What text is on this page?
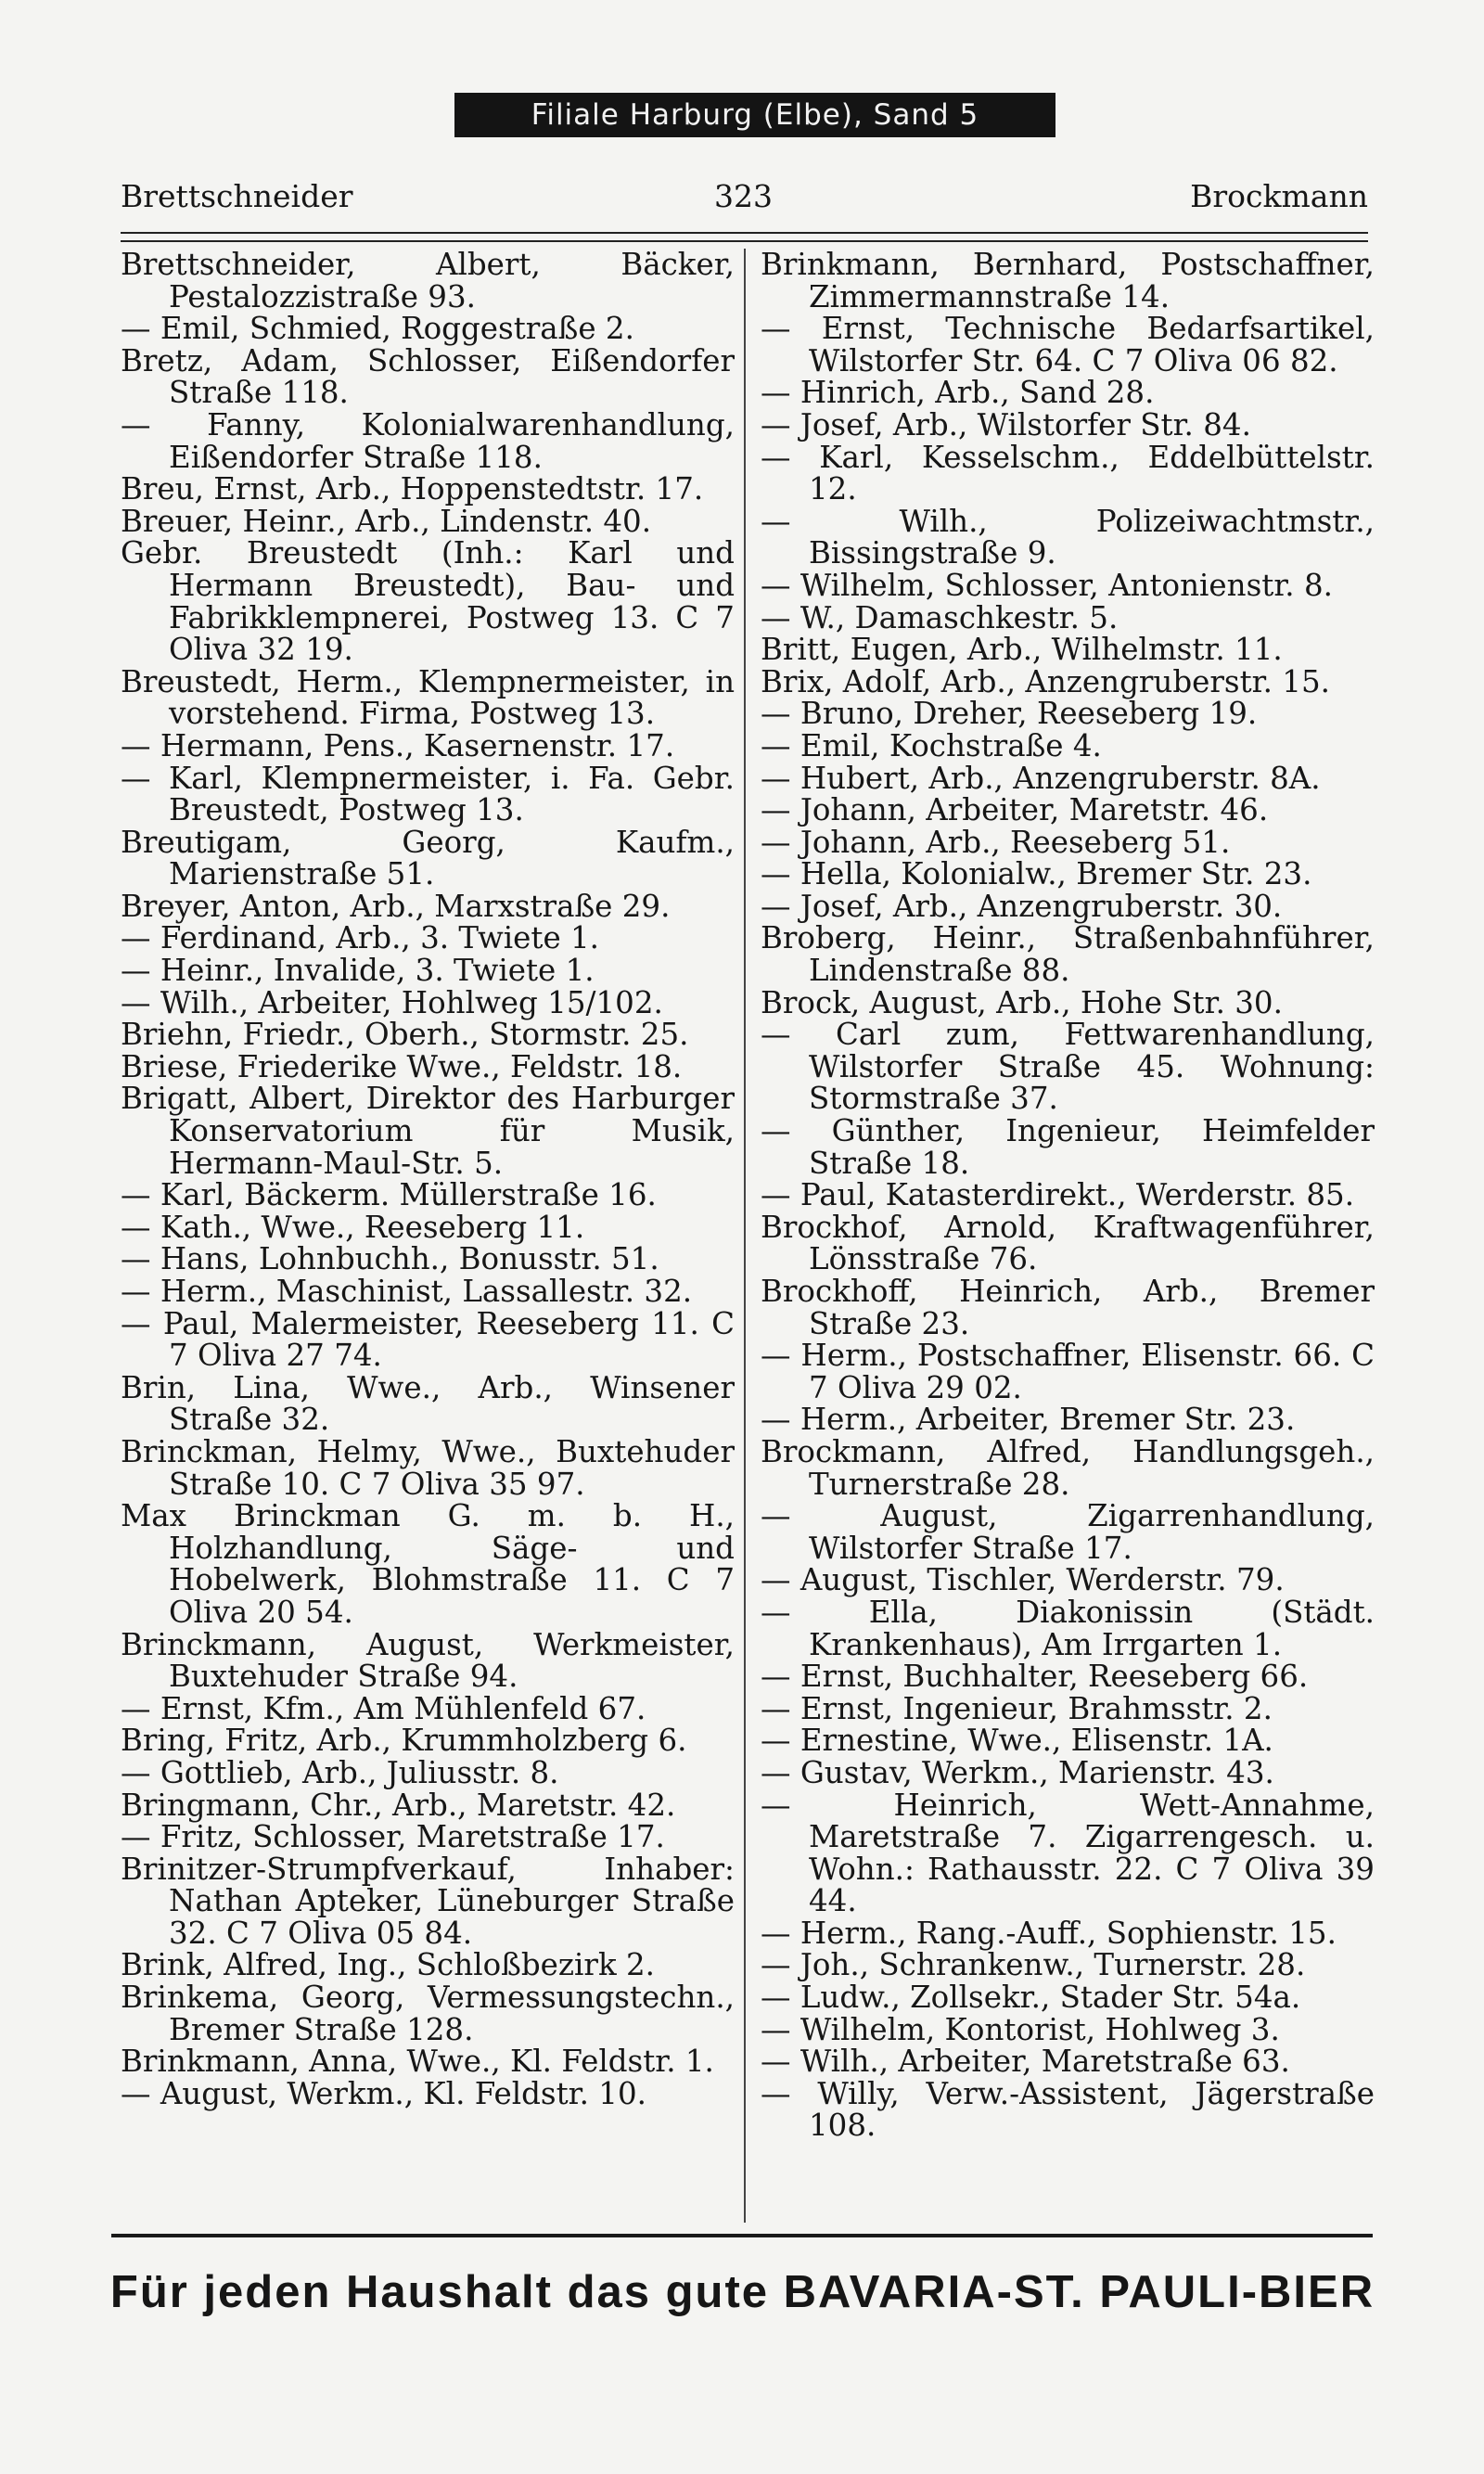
Filiale Harburg (Elbe), Sand 5
Brettschneider	323	Brockmann
Brettschneider, Albert, Bäcker, Pestalozzistraße 93.
— Emil, Schmied, Roggestraße 2.
Bretz, Adam, Schlosser, Eißendorfer Straße 118.
— Fanny, Kolonialwarenhandlung, Eißendorfer Straße 118.
Breu, Ernst, Arb., Hoppenstedtstr. 17.
Breuer, Heinr., Arb., Lindenstr. 40.
Gebr. Breustedt (Inh.: Karl und Hermann Breustedt), Bau- und Fabrikklempnerei, Postweg 13. C 7 Oliva 32 19.
Breustedt, Herm., Klempnermeister, in vorstehend. Firma, Postweg 13.
— Hermann, Pens., Kasernenstr. 17.
— Karl, Klempnermeister, i. Fa. Gebr. Breustedt, Postweg 13.
Breutigam, Georg, Kaufm., Marienstraße 51.
Breyer, Anton, Arb., Marxstraße 29.
— Ferdinand, Arb., 3. Twiete 1.
— Heinr., Invalide, 3. Twiete 1.
— Wilh., Arbeiter, Hohlweg 15/102.
Briehn, Friedr., Oberh., Stormstr. 25.
Briese, Friederike Wwe., Feldstr. 18.
Brigatt, Albert, Direktor des Harburger Konservatorium für Musik, Hermann-Maul-Str. 5.
— Karl, Bäckerm. Müllerstraße 16.
— Kath., Wwe., Reeseberg 11.
— Hans, Lohnbuchh., Bonusstr. 51.
— Herm., Maschinist, Lassallestr. 32.
— Paul, Malermeister, Reeseberg 11. C 7 Oliva 27 74.
Brin, Lina, Wwe., Arb., Winsener Straße 32.
Brinckman, Helmy, Wwe., Buxtehuder Straße 10. C 7 Oliva 35 97.
Max Brinckman G. m. b. H., Holzhandlung, Säge- und Hobelwerk, Blohmstraße 11. C 7 Oliva 20 54.
Brinckmann, August, Werkmeister, Buxtehuder Straße 94.
— Ernst, Kfm., Am Mühlenfeld 67.
Bring, Fritz, Arb., Krummholzberg 6.
— Gottlieb, Arb., Juliusstr. 8.
Bringmann, Chr., Arb., Maretstr. 42.
— Fritz, Schlosser, Maretstraße 17.
Brinitzer-Strumpfverkauf, Inhaber: Nathan Apteker, Lüneburger Straße 32. C 7 Oliva 05 84.
Brink, Alfred, Ing., Schloßbezirk 2.
Brinkema, Georg, Vermessungstechn., Bremer Straße 128.
Brinkmann, Anna, Wwe., Kl. Feldstr. 1.
— August, Werkm., Kl. Feldstr. 10.
Brinkmann, Bernhard, Postschaffner, Zimmermannstraße 14.
— Ernst, Technische Bedarfsartikel, Wilstorfer Str. 64. C 7 Oliva 06 82.
— Hinrich, Arb., Sand 28.
— Josef, Arb., Wilstorfer Str. 84.
— Karl, Kesselschm., Eddelbüttelstr. 12.
— Wilh., Polizeiwachtmstr., Bissingstraße 9.
— Wilhelm, Schlosser, Antonienstr. 8.
— W., Damaschkestr. 5.
Britt, Eugen, Arb., Wilhelmstr. 11.
Brix, Adolf, Arb., Anzengruberstr. 15.
— Bruno, Dreher, Reeseberg 19.
— Emil, Kochstraße 4.
— Hubert, Arb., Anzengruberstr. 8A.
— Johann, Arbeiter, Maretstr. 46.
— Johann, Arb., Reeseberg 51.
— Hella, Kolonialw., Bremer Str. 23.
— Josef, Arb., Anzengruberstr. 30.
Broberg, Heinr., Straßenbahnführer, Lindenstraße 88.
Brock, August, Arb., Hohe Str. 30.
— Carl zum, Fettwarenhandlung, Wilstorfer Straße 45. Wohnung: Stormstraße 37.
— Günther, Ingenieur, Heimfelder Straße 18.
— Paul, Katasterdirekt., Werderstr. 85.
Brockhof, Arnold, Kraftwagenführer, Lönsstraße 76.
Brockhoff, Heinrich, Arb., Bremer Straße 23.
— Herm., Postschaffner, Elisenstr. 66. C 7 Oliva 29 02.
— Herm., Arbeiter, Bremer Str. 23.
Brockmann, Alfred, Handlungsgeh., Turnerstraße 28.
— August, Zigarrenhandlung, Wilstorfer Straße 17.
— August, Tischler, Werderstr. 79.
— Ella, Diakonissin (Städt. Krankenhaus), Am Irrgarten 1.
— Ernst, Buchhalter, Reeseberg 66.
— Ernst, Ingenieur, Brahmsstr. 2.
— Ernestine, Wwe., Elisenstr. 1A.
— Gustav, Werkm., Marienstr. 43.
— Heinrich, Wett-Annahme, Maretstraße 7. Zigarrengesch. u. Wohn.: Rathausstr. 22. C 7 Oliva 39 44.
— Herm., Rang.-Auff., Sophienstr. 15.
— Joh., Schrankenw., Turnerstr. 28.
— Ludw., Zollsekr., Stader Str. 54a.
— Wilhelm, Kontorist, Hohlweg 3.
— Wilh., Arbeiter, Maretstraße 63.
— Willy, Verw.-Assistent, Jägerstraße 108.
Für jeden Haushalt das gute BAVARIA-ST. PAULI-BIER
